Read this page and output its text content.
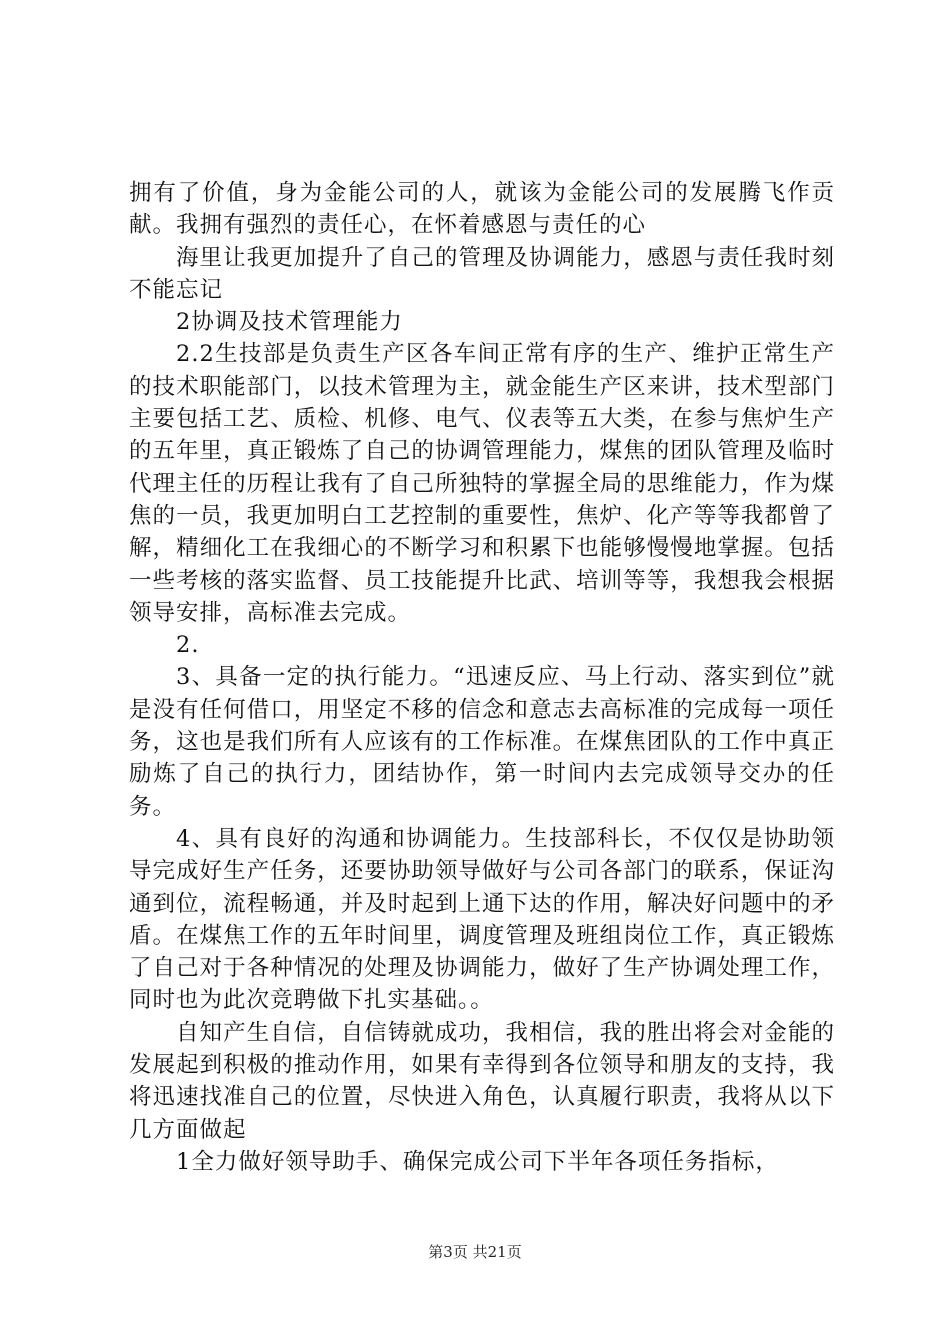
拥有了价值，身为金能公司的人，就该为金能公司的发展腾飞作贡献。我拥有强烈的责任心，在怀着感恩与责任的心

海里让我更加提升了自己的管理及协调能力，感恩与责任我时刻不能忘记

2协调及技术管理能力

2.2生技部是负责生产区各车间正常有序的生产、维护正常生产的技术职能部门，以技术管理为主，就金能生产区来讲，技术型部门主要包括工艺、质检、机修、电气、仪表等五大类，在参与焦炉生产的五年里，真正锻炼了自己的协调管理能力，煤焦的团队管理及临时代理主任的历程让我有了自己所独特的掌握全局的思维能力，作为煤焦的一员，我更加明白工艺控制的重要性，焦炉、化产等等我都曾了解，精细化工在我细心的不断学习和积累下也能够慢慢地掌握。包括一些考核的落实监督、员工技能提升比武、培训等等，我想我会根据领导安排，高标准去完成。

2.

3、具备一定的执行能力。“迅速反应、马上行动、落实到位”就是没有任何借口，用坚定不移的信念和意志去高标准的完成每一项任务，这也是我们所有人应该有的工作标准。在煤焦团队的工作中真正励炼了自己的执行力，团结协作，第一时间内去完成领导交办的任务。

4、具有良好的沟通和协调能力。生技部科长，不仅仅是协助领导完成好生产任务，还要协助领导做好与公司各部门的联系，保证沟通到位，流程畅通，并及时起到上通下达的作用，解决好问题中的矛盾。在煤焦工作的五年时间里，调度管理及班组岗位工作，真正锻炼了自己对于各种情况的处理及协调能力，做好了生产协调处理工作，同时也为此次竞聘做下扎实基础。。

自知产生自信，自信铸就成功，我相信，我的胜出将会对金能的发展起到积极的推动作用，如果有幸得到各位领导和朋友的支持，我将迅速找准自己的位置，尽快进入角色，认真履行职责，我将从以下几方面做起

1全力做好领导助手、确保完成公司下半年各项任务指标，

第3页 共21页
